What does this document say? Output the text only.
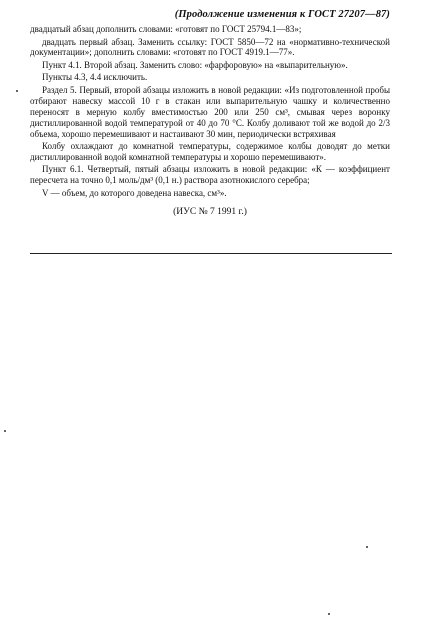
(Продолжение изменения к ГОСТ 27207—87)

двадцатый абзац дополнить словами: «готовят по ГОСТ 25794.1—83»;

двадцать первый абзац. Заменить ссылку: ГОСТ 5850—72 на «нормативно-технической документации»; дополнить словами: «готовят по ГОСТ 4919.1—77».

Пункт 4.1. Второй абзац. Заменить слово: «фарфоровую» на «выпарительную».

Пункты 4.3, 4.4 исключить.

Раздел 5. Первый, второй абзацы изложить в новой редакции: «Из подготовленной пробы отбирают навеску массой 10 г в стакан или выпарительную чашку и количественно переносят в мерную колбу вместимостью 200 или 250 см³, смывая через воронку дистиллированной водой температурой от 40 до 70 °С. Колбу доливают той же водой до 2/3 объема, хорошо перемешивают и настаивают 30 мин, периодически встряхивая

Колбу охлаждают до комнатной температуры, содержимое колбы доводят до метки дистиллированной водой комнатной температуры и хорошо перемешивают».

Пункт 6.1. Четвертый, пятый абзацы изложить в новой редакции: «К — коэффициент пересчета на точно 0,1 моль/дм³ (0,1 н.) раствора азотнокислого серебра;

V — объем, до которого доведена навеска, см³».

(ИУС № 7 1991 г.)
